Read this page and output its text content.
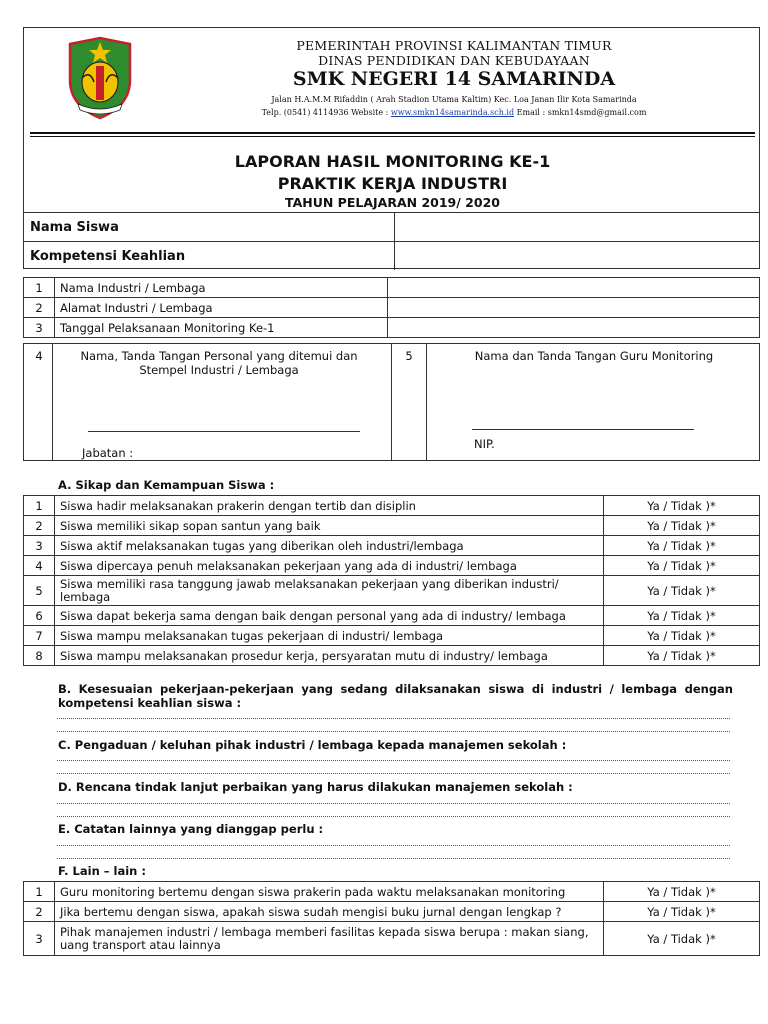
PEMERINTAH PROVINSI KALIMANTAN TIMUR
DINAS PENDIDIKAN DAN KEBUDAYAAN
SMK NEGERI 14 SAMARINDA
Jalan H.A.M.M Rifaddin ( Arah Stadion Utama Kaltim) Kec. Loa Janan Ilir Kota Samarinda
Telp. (0541) 4114936 Website : www.smkn14samarinda.sch.id Email : smkn14smd@gmail.com
LAPORAN HASIL MONITORING KE-1
PRAKTIK KERJA INDUSTRI
TAHUN PELAJARAN 2019/ 2020
Nama Siswa	
Kompetensi Keahlian	
1	Nama Industri / Lembaga	
2	Alamat Industri / Lembaga	
3	Tanggal Pelaksanaan Monitoring Ke-1	
4	Nama, Tanda Tangan Personal yang ditemui dan Stempel Industri / Lembaga
Jabatan :
5	Nama dan Tanda Tangan Guru Monitoring
NIP.
A. Sikap dan Kemampuan Siswa :
1	Siswa hadir melaksanakan prakerin dengan tertib dan disiplin	Ya / Tidak )*
2	Siswa memiliki sikap sopan santun yang baik	Ya / Tidak )*
3	Siswa aktif melaksanakan tugas yang diberikan oleh industri/lembaga	Ya / Tidak )*
4	Siswa dipercaya penuh melaksanakan pekerjaan yang ada di industri/ lembaga	Ya / Tidak )*
5	Siswa memiliki rasa tanggung jawab melaksanakan pekerjaan yang diberikan industri/ lembaga	Ya / Tidak )*
6	Siswa dapat bekerja sama dengan baik dengan personal yang ada di industry/ lembaga	Ya / Tidak )*
7	Siswa mampu melaksanakan tugas pekerjaan di industri/ lembaga	Ya / Tidak )*
8	Siswa mampu melaksanakan prosedur kerja, persyaratan mutu di industry/ lembaga	Ya / Tidak )*
B. Kesesuaian pekerjaan-pekerjaan yang sedang dilaksanakan siswa di industri / lembaga dengan kompetensi keahlian siswa :
C. Pengaduan / keluhan pihak industri / lembaga kepada manajemen sekolah :
D. Rencana tindak lanjut perbaikan yang harus dilakukan manajemen sekolah :
E. Catatan lainnya yang dianggap perlu :
F. Lain – lain :
1	Guru monitoring bertemu dengan siswa prakerin pada waktu melaksanakan monitoring	Ya / Tidak )*
2	Jika bertemu dengan siswa, apakah siswa sudah mengisi buku jurnal dengan lengkap ?	Ya / Tidak )*
3	Pihak manajemen industri / lembaga memberi fasilitas kepada siswa berupa : makan siang, uang transport atau lainnya	Ya / Tidak )*
